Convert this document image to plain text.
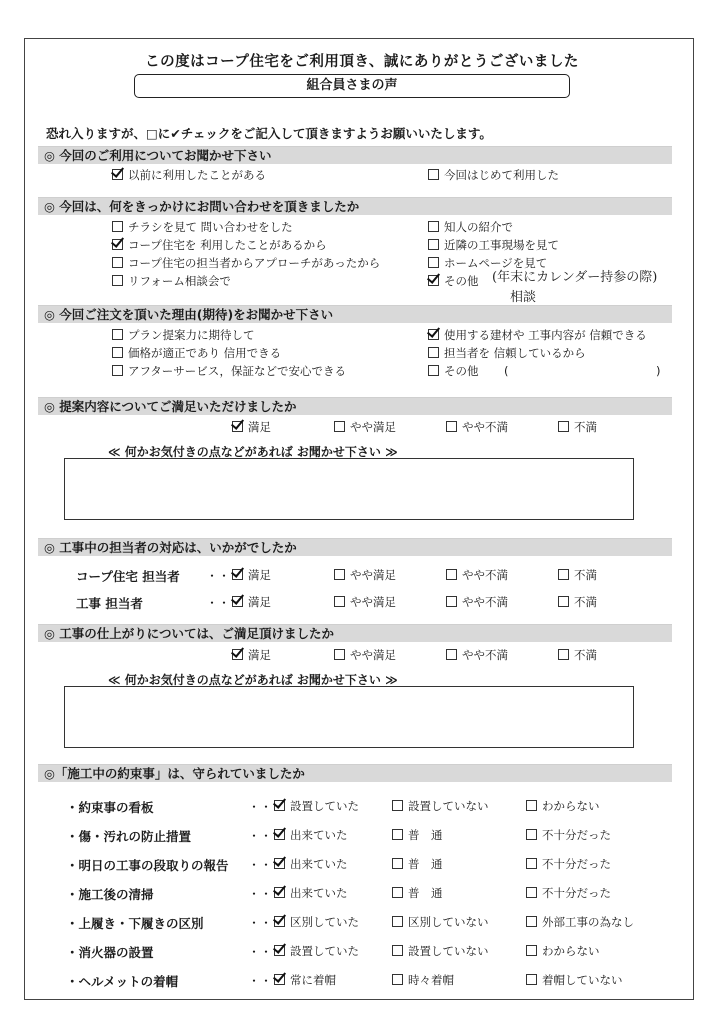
この度はコープ住宅をご利用頂き、誠にありがとうございました
組合員さまの声
恐れ入りますが、□に✔チェックをご記入して頂きますようお願いいたします。
◎ 今回のご利用についてお聞かせ下さい
以前に利用したことがある	今回はじめて利用した
◎ 今回は、何をきっかけにお問い合わせを頂きましたか
チラシを見て 問い合わせをした	知人の紹介で
コープ住宅を 利用したことがあるから	近隣の工事現場を見て
コープ住宅の担当者からアプローチがあったから	ホームページを見て
リフォーム相談会で	その他 (年末にカレンダー持参の際)
相談
◎ 今回ご注文を頂いた理由(期待)をお聞かせ下さい
プラン提案力に期待して	使用する建材や 工事内容が 信頼できる
価格が適正であり 信用できる	担当者を 信頼しているから
アフターサービス，保証などで安心できる	その他 (	)
◎ 提案内容についてご満足いただけましたか
満足	やや満足	やや不満	不満
≪ 何かお気付きの点などがあれば お聞かせ下さい ≫
◎ 工事中の担当者の対応は、いかがでしたか
コープ住宅 担当者 ・・・ 満足	やや満足	やや不満	不満
工事 担当者	・・・ 満足	やや満足	やや不満	不満
◎ 工事の仕上がりについては、ご満足頂けましたか
満足	やや満足	やや不満	不満
≪ 何かお気付きの点などがあれば お聞かせ下さい ≫
◎「施工中の約束事」は、守られていましたか
・約束事の看板	・・・ 設置していた	設置していない	わからない
・傷・汚れの防止措置	・・・ 出来ていた	普　通	不十分だった
・明日の工事の段取りの報告 ・・・ 出来ていた	普　通	不十分だった
・施工後の清掃	・・・ 出来ていた	普　通	不十分だった
・上履き・下履きの区別	・・・ 区別していた	区別していない	外部工事の為なし
・消火器の設置	・・・ 設置していた	設置していない	わからない
・ヘルメットの着帽	・・・ 常に着帽	時々着帽	着帽していない
